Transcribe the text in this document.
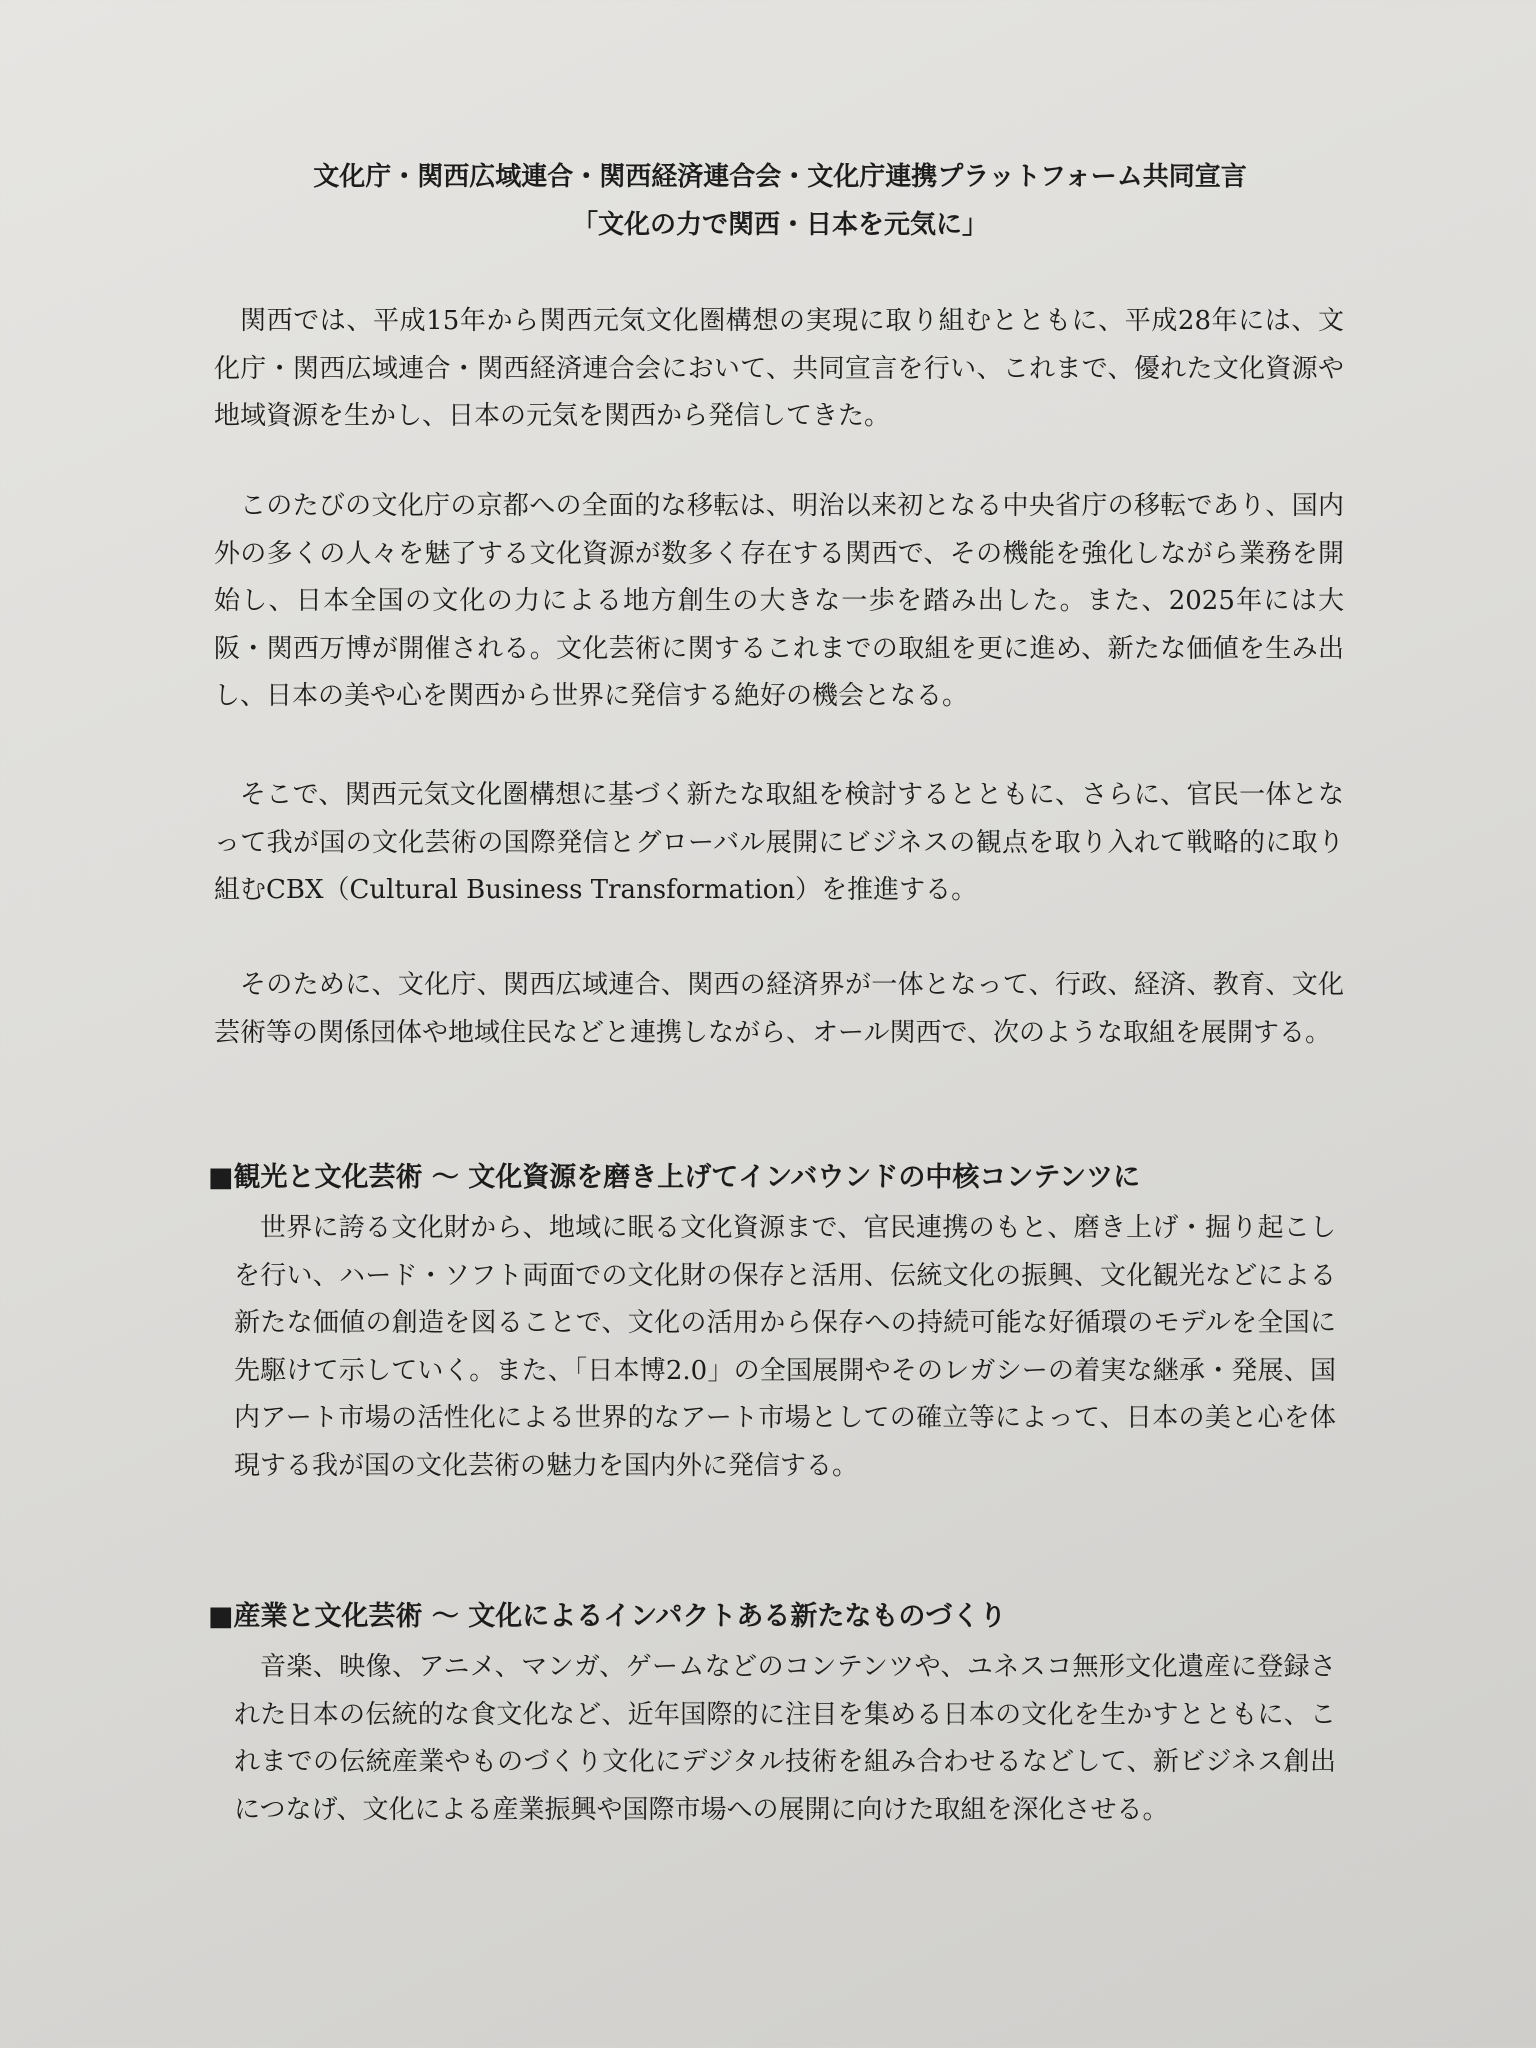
文化庁・関西広域連合・関西経済連合会・文化庁連携プラットフォーム共同宣言
「文化の力で関西・日本を元気に」

関西では、平成15年から関西元気文化圏構想の実現に取り組むとともに、平成28年には、文化庁・関西広域連合・関西経済連合会において、共同宣言を行い、これまで、優れた文化資源や地域資源を生かし、日本の元気を関西から発信してきた。

このたびの文化庁の京都への全面的な移転は、明治以来初となる中央省庁の移転であり、国内外の多くの人々を魅了する文化資源が数多く存在する関西で、その機能を強化しながら業務を開始し、日本全国の文化の力による地方創生の大きな一歩を踏み出した。また、2025年には大阪・関西万博が開催される。文化芸術に関するこれまでの取組を更に進め、新たな価値を生み出し、日本の美や心を関西から世界に発信する絶好の機会となる。

そこで、関西元気文化圏構想に基づく新たな取組を検討するとともに、さらに、官民一体となって我が国の文化芸術の国際発信とグローバル展開にビジネスの観点を取り入れて戦略的に取り組むCBX（Cultural Business Transformation）を推進する。

そのために、文化庁、関西広域連合、関西の経済界が一体となって、行政、経済、教育、文化芸術等の関係団体や地域住民などと連携しながら、オール関西で、次のような取組を展開する。

■観光と文化芸術 ～ 文化資源を磨き上げてインバウンドの中核コンテンツに

世界に誇る文化財から、地域に眠る文化資源まで、官民連携のもと、磨き上げ・掘り起こしを行い、ハード・ソフト両面での文化財の保存と活用、伝統文化の振興、文化観光などによる新たな価値の創造を図ることで、文化の活用から保存への持続可能な好循環のモデルを全国に先駆けて示していく。また、「日本博2.0」の全国展開やそのレガシーの着実な継承・発展、国内アート市場の活性化による世界的なアート市場としての確立等によって、日本の美と心を体現する我が国の文化芸術の魅力を国内外に発信する。

■産業と文化芸術 ～ 文化によるインパクトある新たなものづくり

音楽、映像、アニメ、マンガ、ゲームなどのコンテンツや、ユネスコ無形文化遺産に登録された日本の伝統的な食文化など、近年国際的に注目を集める日本の文化を生かすとともに、これまでの伝統産業やものづくり文化にデジタル技術を組み合わせるなどして、新ビジネス創出につなげ、文化による産業振興や国際市場への展開に向けた取組を深化させる。
